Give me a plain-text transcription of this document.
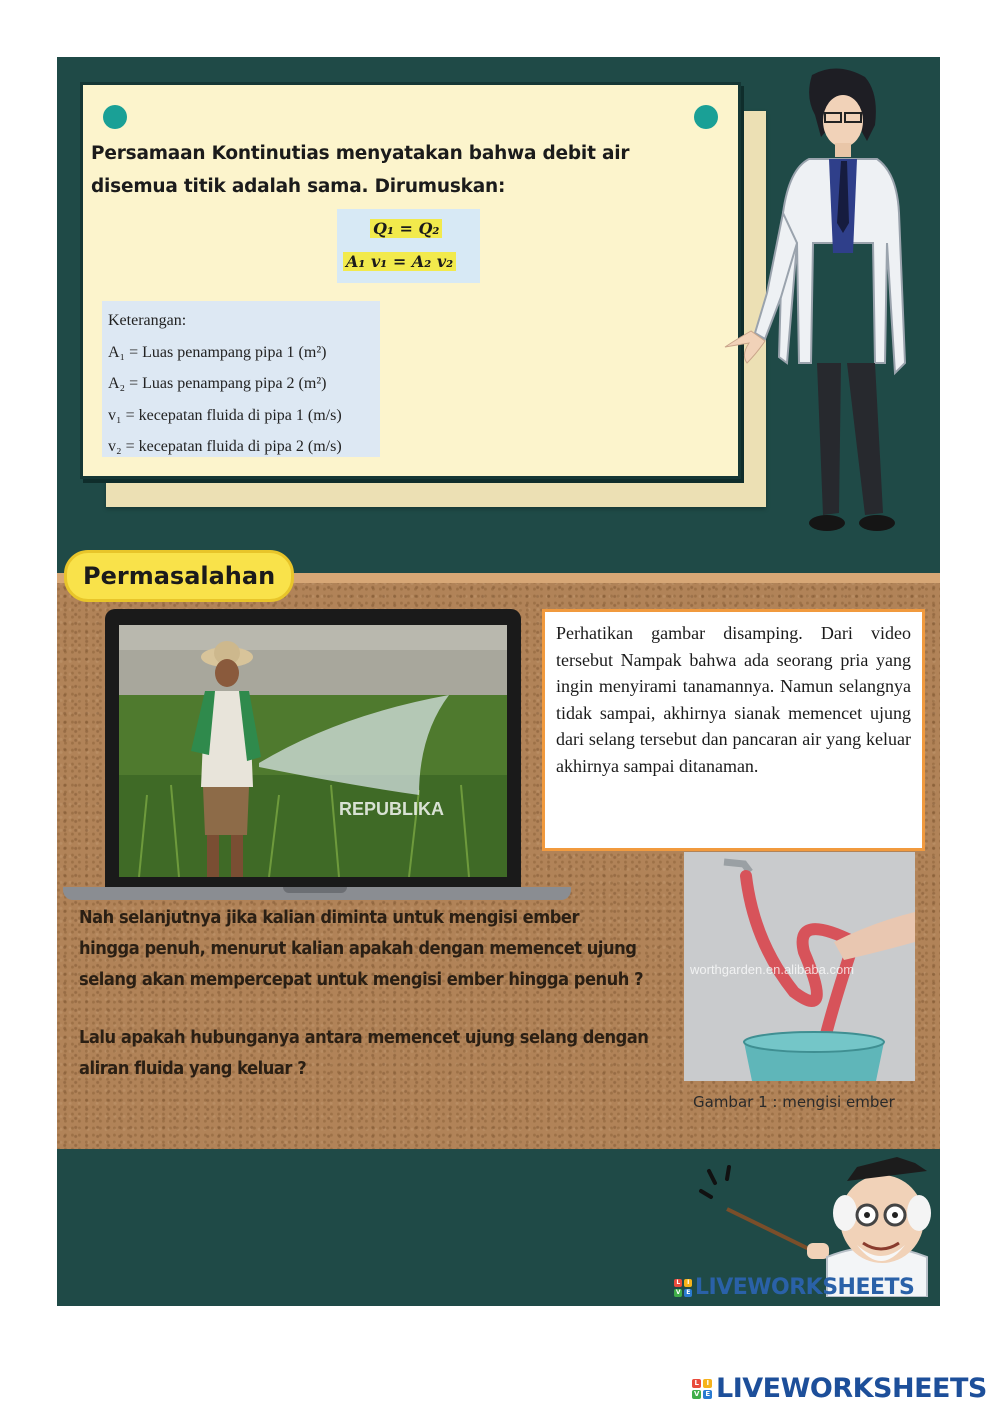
Persamaan Kontinutias menyatakan bahwa debit air
disemua titik adalah sama. Dirumuskan:
Q₁ = Q₂
A₁ v₁ = A₂ v₂
Keterangan:
A₁ = Luas penampang pipa 1 (m²)
A₂ = Luas penampang pipa 2 (m²)
v₁ = kecepatan fluida di pipa 1 (m/s)
v₂ = kecepatan fluida di pipa 2 (m/s)
Permasalahan
REPUBLIKA
Perhatikan gambar disamping. Dari video tersebut Nampak bahwa ada seorang pria yang ingin menyirami tanamannya. Namun selangnya tidak sampai, akhirnya sianak memencet ujung dari selang tersebut dan pancaran air yang keluar akhirnya sampai ditanaman.
Nah selanjutnya jika kalian diminta untuk mengisi ember
hingga penuh, menurut kalian apakah dengan memencet ujung
selang akan mempercepat untuk mengisi ember hingga penuh ?
Lalu apakah hubunganya antara memencet ujung selang dengan
aliran fluida yang keluar ?
worthgarden.en.alibaba.com
Gambar 1 : mengisi ember
L	I
V	E LIVEWORKSHEETS
L	I
V E LIVEWORKSHEETS
